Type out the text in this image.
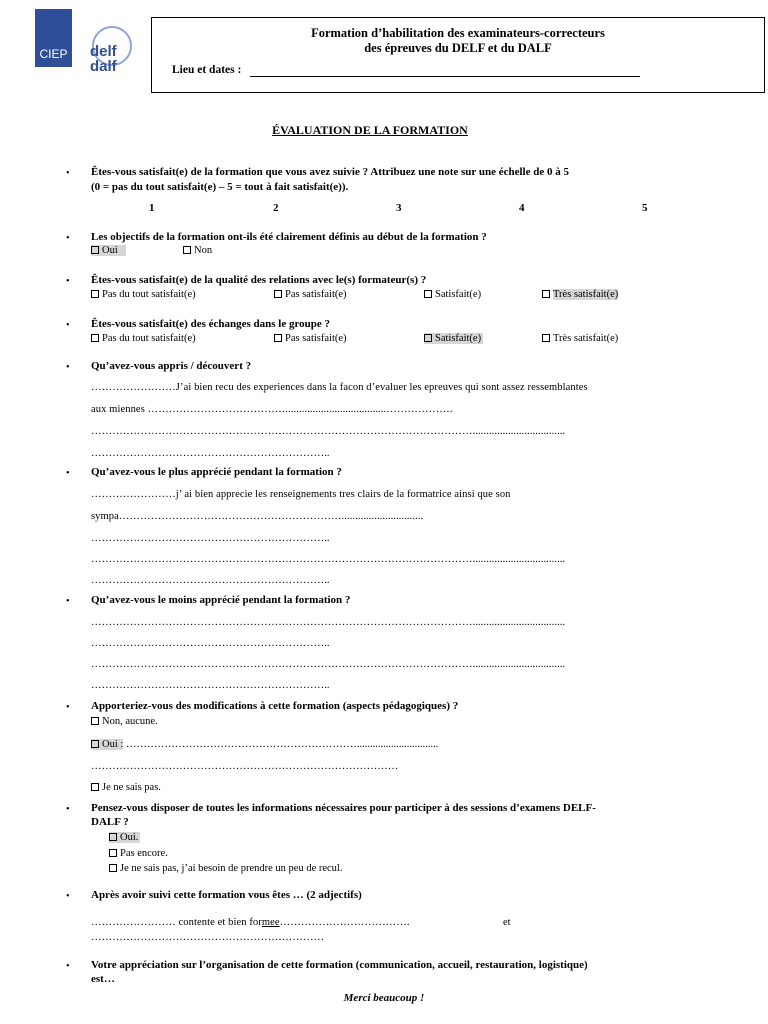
CIEP delf dalf
Formation d’habilitation des examinateurs-correcteurs
des épreuves du DELF et du DALF
Lieu et dates :
ÉVALUATION DE LA FORMATION
• Êtes-vous satisfait(e) de la formation que vous avez suivie ? Attribuez une note sur une échelle de 0 à 5
(0 = pas du tout satisfait(e) – 5 = tout à fait satisfait(e)).
1	2	3	4	5
• Les objectifs de la formation ont-ils été clairement définis au début de la formation ?
Oui	Non
• Êtes-vous satisfait(e) de la qualité des relations avec le(s) formateur(s) ?
Pas du tout satisfait(e)	Pas satisfait(e)	Satisfait(e)	Très satisfait(e)
• Êtes-vous satisfait(e) des échanges dans le groupe ?
Pas du tout satisfait(e)	Pas satisfait(e)	Satisfait(e)	Très satisfait(e)
• Qu’avez-vous appris / découvert ?
……………………J’ai bien recu des experiences dans la facon d’evaluer les epreuves qui sont assez ressemblantes
aux miennes ………………………………….....................................……………….
………………………………………………………………………………………………..................................
…………………………………………………………..
• Qu’avez-vous le plus apprécié pendant la formation ?
……………………j’ ai bien apprecie les renseignements tres clairs de la formatrice ainsi que son
sympa………………………………………………………..............................
…………………………………………………………..
………………………………………………………………………………………………..................................
…………………………………………………………..
• Qu’avez-vous le moins apprécié pendant la formation ?
………………………………………………………………………………………………..................................
…………………………………………………………..
………………………………………………………………………………………………..................................
…………………………………………………………..
• Apporteriez-vous des modifications à cette formation (aspects pédagogiques) ?
Non, aucune.
Oui : …………………………………………………………...............................
……………………………………………………………………………
Je ne sais pas.
• Pensez-vous disposer de toutes les informations nécessaires pour participer à des sessions d’examens DELF-
DALF ?
Oui.
Pas encore.
Je ne sais pas, j’ai besoin de prendre un peu de recul.
• Après avoir suivi cette formation vous êtes … (2 adjectifs)
…………………… contente et bien formee……………………………….	et
…………………………………………………………
• Votre appréciation sur l’organisation de cette formation (communication, accueil, restauration, logistique)
est…
Merci beaucoup !
